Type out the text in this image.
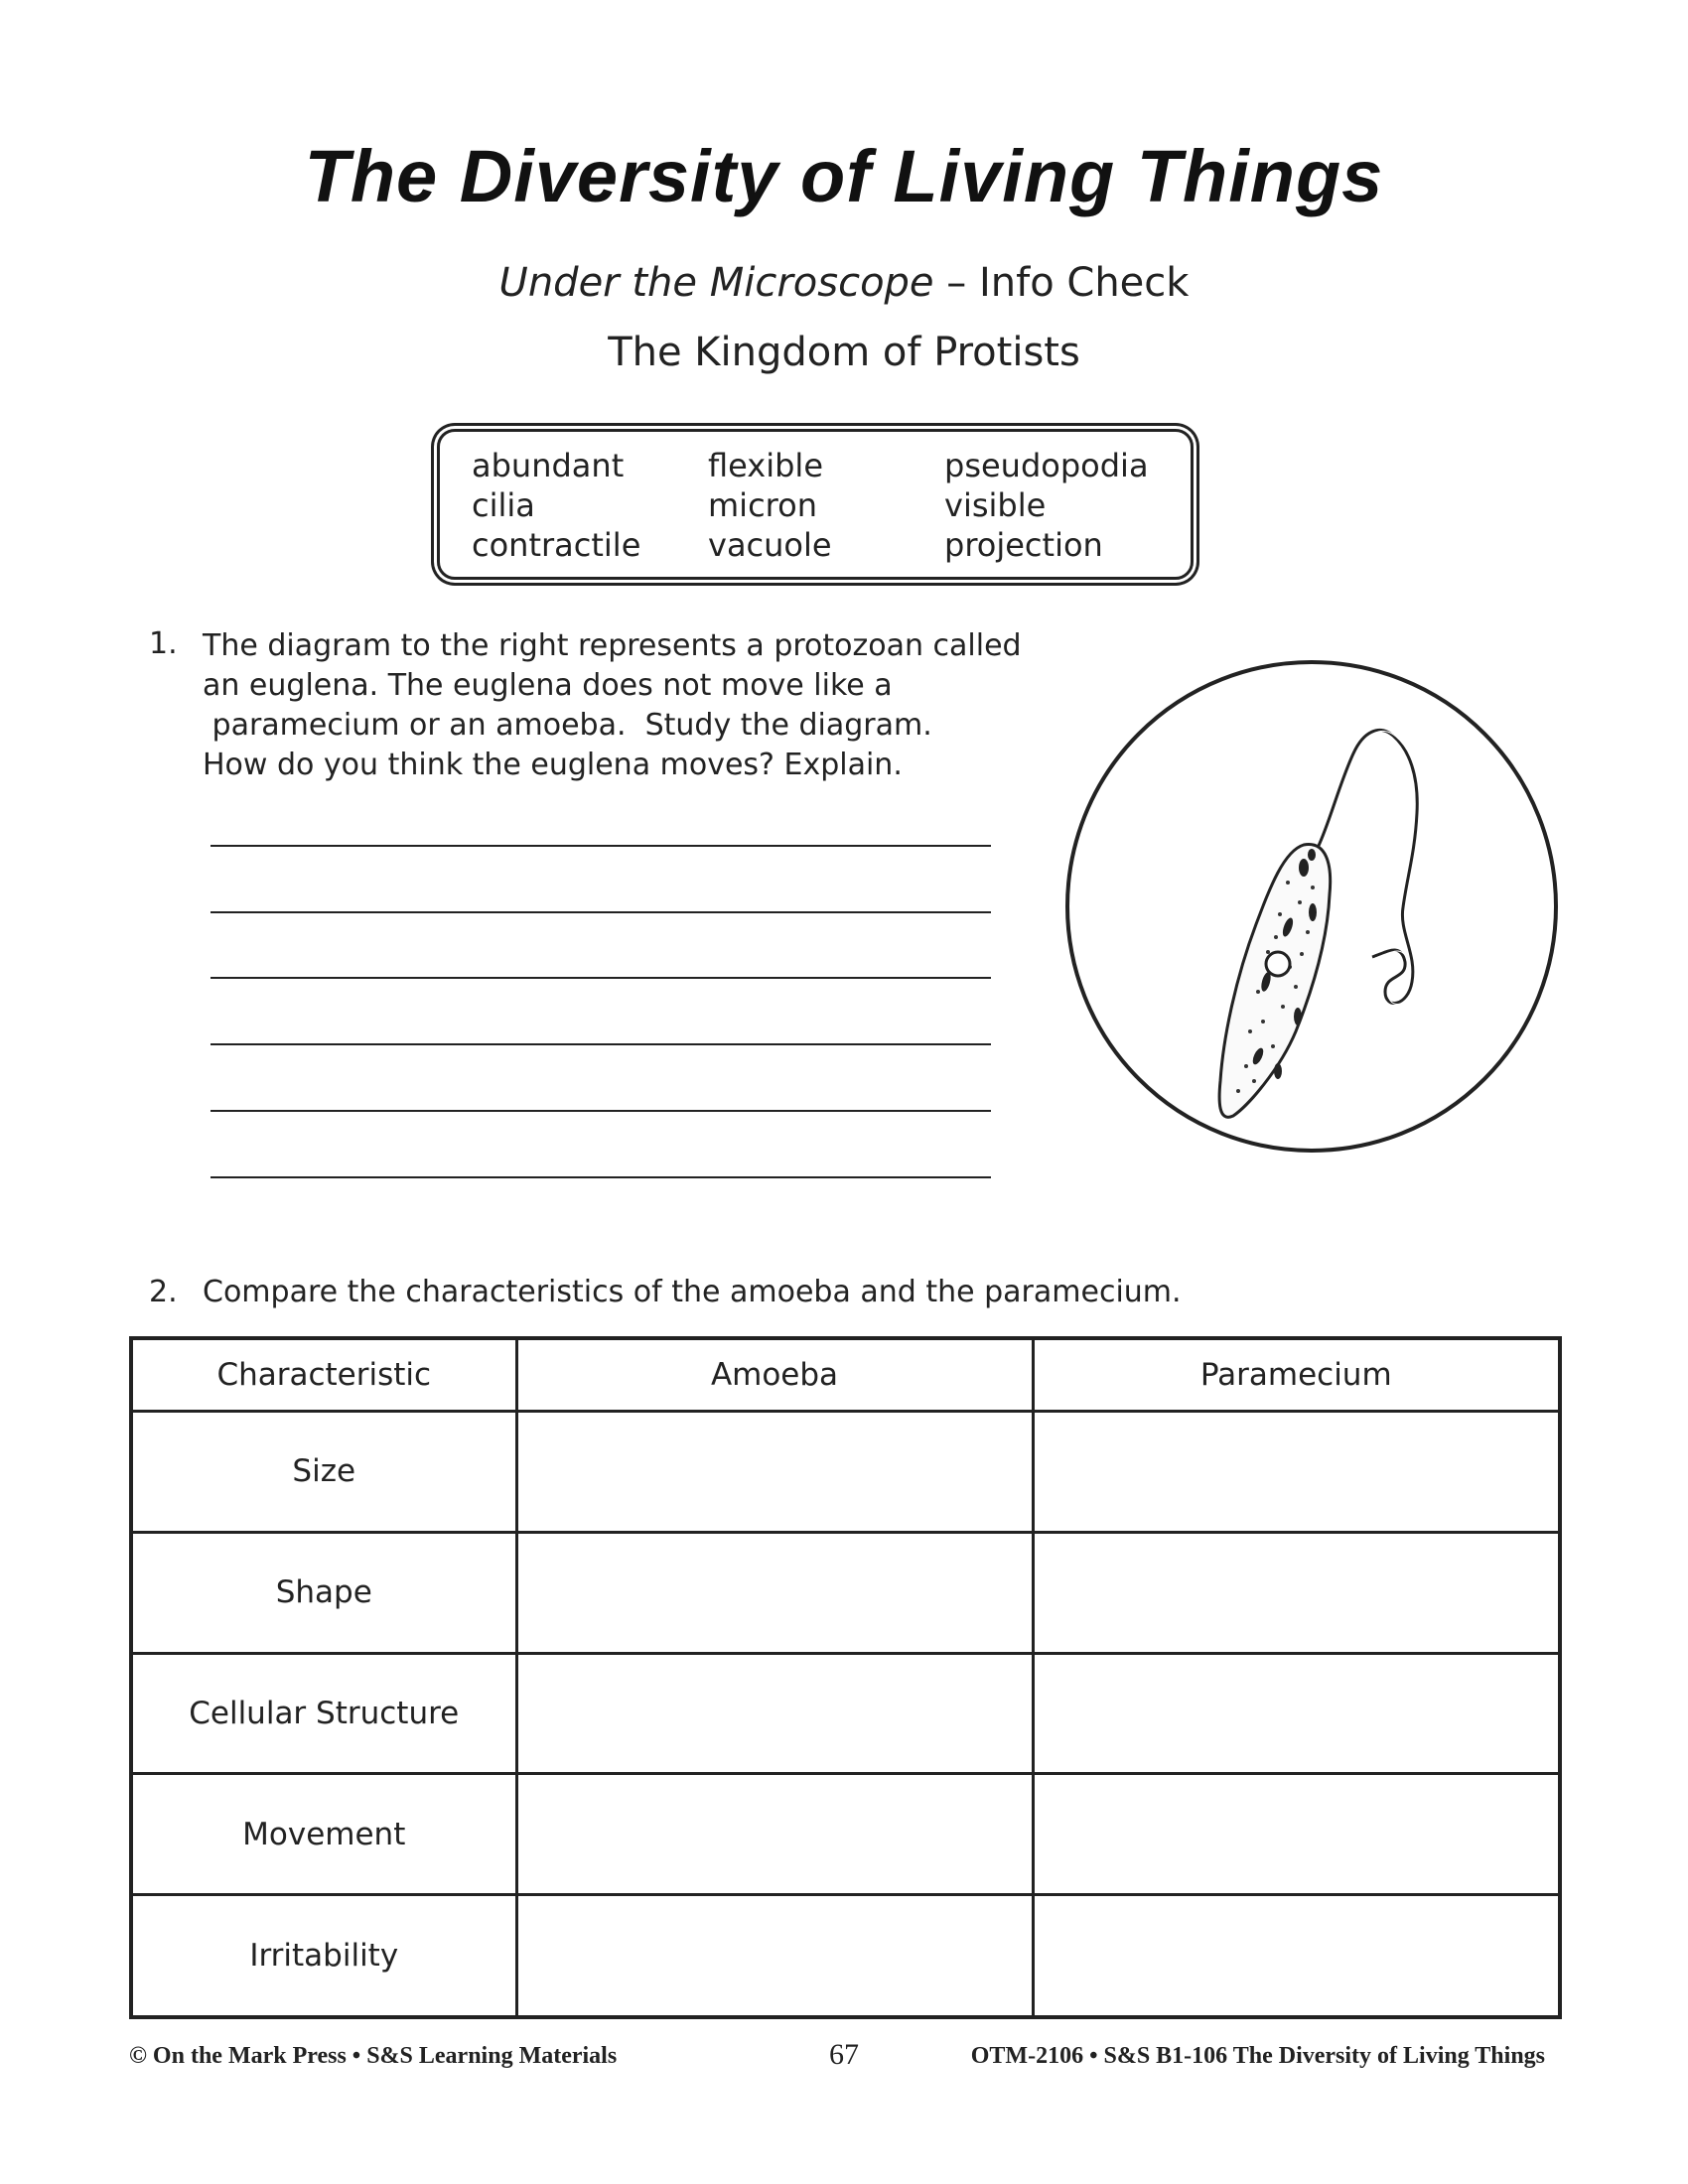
The Diversity of Living Things
Under the Microscope – Info Check
The Kingdom of Protists
abundant
cilia
contractile
flexible
micron
vacuole
pseudopodia
visible
projection
1. The diagram to the right represents a protozoan called
an euglena. The euglena does not move like a
paramecium or an amoeba.  Study the diagram.
How do you think the euglena moves? Explain.
2. Compare the characteristics of the amoeba and the paramecium.
Characteristic	Amoeba	Paramecium
Size		
Shape		
Cellular Structure		
Movement		
Irritability		
© On the Mark Press • S&S Learning Materials	67	OTM-2106 • S&S B1-106 The Diversity of Living Things
